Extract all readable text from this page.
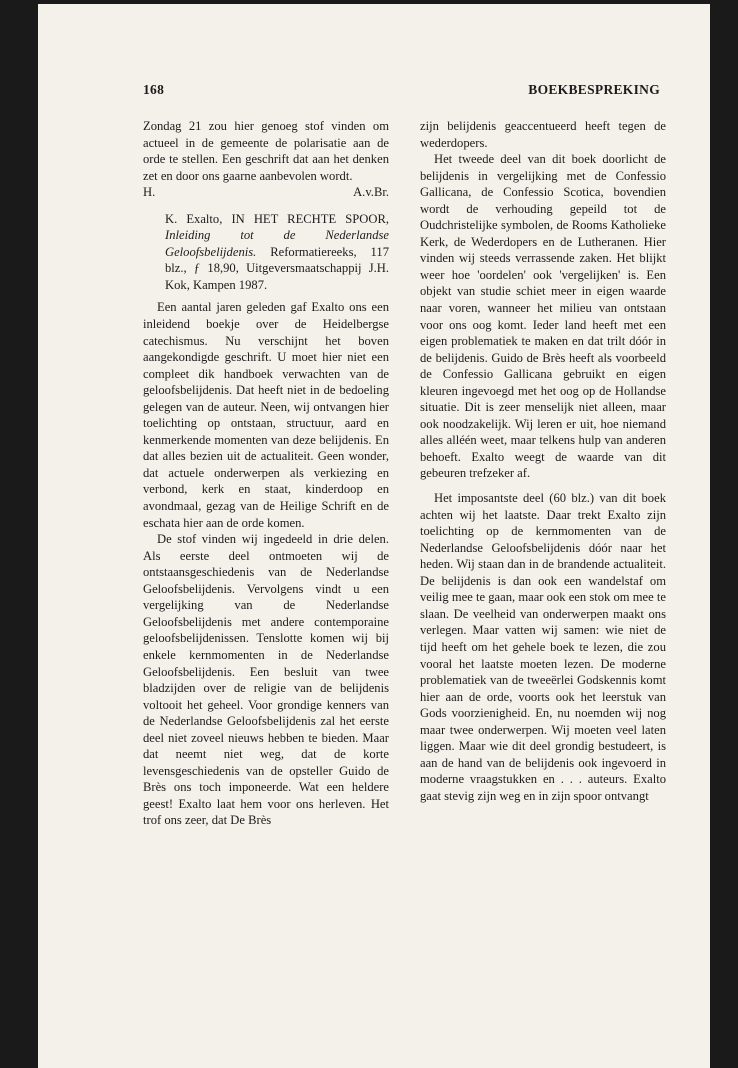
168	BOEKBESPREKING

Zondag 21 zou hier genoeg stof vinden om actueel in de gemeente de polarisatie aan de orde te stellen. Een geschrift dat aan het denken zet en door ons gaarne aanbevolen wordt.

H.	A.v.Br.
K. Exalto, IN HET RECHTE SPOOR, Inleiding tot de Nederlandse Geloofsbelijdenis. Reformatiereeks, 117 blz., ƒ 18,90, Uitgeversmaatschappij J.H. Kok, Kampen 1987.

Een aantal jaren geleden gaf Exalto ons een inleidend boekje over de Heidelbergse catechismus. Nu verschijnt het boven aangekondigde geschrift. U moet hier niet een compleet dik handboek verwachten van de geloofsbelijdenis. Dat heeft niet in de bedoeling gelegen van de auteur. Neen, wij ontvangen hier toelichting op ontstaan, structuur, aard en kenmerkende momenten van deze belijdenis. En dat alles bezien uit de actualiteit. Geen wonder, dat actuele onderwerpen als verkiezing en verbond, kerk en staat, kinderdoop en avondmaal, gezag van de Heilige Schrift en de eschata hier aan de orde komen.

De stof vinden wij ingedeeld in drie delen. Als eerste deel ontmoeten wij de ontstaansgeschiedenis van de Nederlandse Geloofsbelijdenis. Vervolgens vindt u een vergelijking van de Nederlandse Geloofsbelijdenis met andere contemporaine geloofsbelijdenissen. Tenslotte komen wij bij enkele kernmomenten in de Nederlandse Geloofsbelijdenis. Een besluit van twee bladzijden over de religie van de belijdenis voltooit het geheel. Voor grondige kenners van de Nederlandse Geloofsbelijdenis zal het eerste deel niet zoveel nieuws hebben te bieden. Maar dat neemt niet weg, dat de korte levensgeschiedenis van de opsteller Guido de Brès ons toch imponeerde. Wat een heldere geest! Exalto laat hem voor ons herleven. Het trof ons zeer, dat De Brès

zijn belijdenis geaccentueerd heeft tegen de wederdopers.

Het tweede deel van dit boek doorlicht de belijdenis in vergelijking met de Confessio Gallicana, de Confessio Scotica, bovendien wordt de verhouding gepeild tot de Oudchristelijke symbolen, de Rooms Katholieke Kerk, de Wederdopers en de Lutheranen. Hier vinden wij steeds verrassende zaken. Het blijkt weer hoe 'oordelen' ook 'vergelijken' is. Een objekt van studie schiet meer in eigen waarde naar voren, wanneer het milieu van ontstaan voor ons oog komt. Ieder land heeft met een eigen problematiek te maken en dat trilt dóór in de belijdenis. Guido de Brès heeft als voorbeeld de Confessio Gallicana gebruikt en eigen kleuren ingevoegd met het oog op de Hollandse situatie. Dit is zeer menselijk niet alleen, maar ook noodzakelijk. Wij leren er uit, hoe niemand alles alléén weet, maar telkens hulp van anderen behoeft. Exalto weegt de waarde van dit gebeuren trefzeker af.

Het imposantste deel (60 blz.) van dit boek achten wij het laatste. Daar trekt Exalto zijn toelichting op de kernmomenten van de Nederlandse Geloofsbelijdenis dóór naar het heden. Wij staan dan in de brandende actualiteit. De belijdenis is dan ook een wandelstaf om veilig mee te gaan, maar ook een stok om mee te slaan. De veelheid van onderwerpen maakt ons verlegen. Maar vatten wij samen: wie niet de tijd heeft om het gehele boek te lezen, die zou vooral het laatste moeten lezen. De moderne problematiek van de tweeërlei Godskennis komt hier aan de orde, voorts ook het leerstuk van Gods voorzienigheid. En, nu noemden wij nog maar twee onderwerpen. Wij moeten veel laten liggen. Maar wie dit deel grondig bestudeert, is aan de hand van de belijdenis ook ingevoerd in moderne vraagstukken en . . . auteurs. Exalto gaat stevig zijn weg en in zijn spoor ontvangt
